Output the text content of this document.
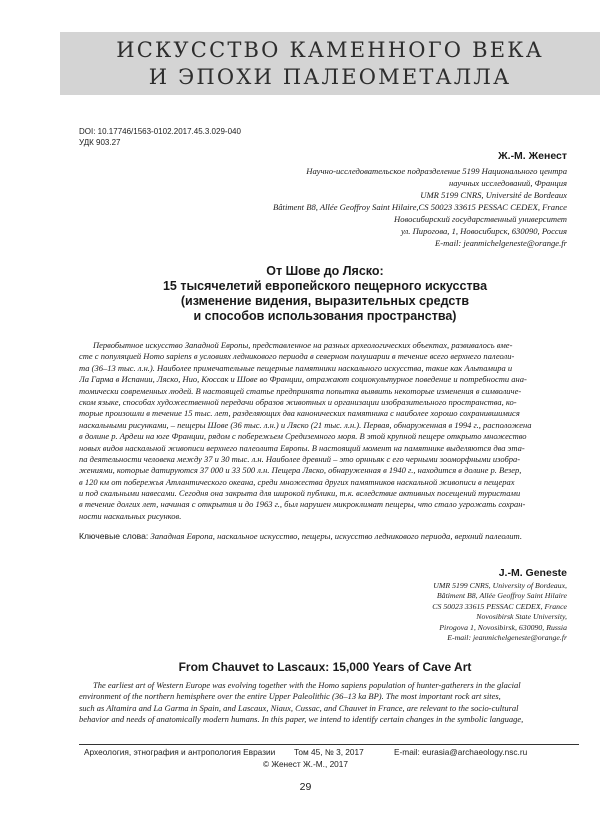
ИСКУССТВО КАМЕННОГО ВЕКА
И ЭПОХИ ПАЛЕОМЕТАЛЛА
DOI: 10.17746/1563-0102.2017.45.3.029-040
УДК 903.27
Ж.-М. Женест
Научно-исследовательское подразделение 5199 Национального центра
научных исследований, Франция
UMR 5199 CNRS, Université de Bordeaux
Bâtiment B8, Allée Geoffroy Saint Hilaire,CS 50023 33615 PESSAC CEDEX, France
Новосибирский государственный университет
ул. Пирогова, 1, Новосибирск, 630090, Россия
E-mail: jeanmichelgeneste@orange.fr
От Шове до Ляско:
15 тысячелетий европейского пещерного искусства
(изменение видения, выразительных средств
и способов использования пространства)
Первобытное искусство Западной Европы, представленное на разных археологических объектах, развивалось вме-
сте с популяцией Homo sapiens в условиях ледникового периода в северном полушарии в течение всего верхнего палеоли-
та (36–13 тыс. л.н.). Наиболее примечательные пещерные памятники наскального искусства, такие как Альтамира и
Ла Гарма в Испании, Ляско, Нио, Кюссак и Шове во Франции, отражают социокультурное поведение и потребности ана-
томически современных людей. В настоящей статье предпринята попытка выявить некоторые изменения в символиче-
ском языке, способах художественной передачи образов животных и организации изобразительного пространства, ко-
торые произошли в течение 15 тыс. лет, разделяющих два канонических памятника с наиболее хорошо сохранившимися
наскальными рисунками, – пещеры Шове (36 тыс. л.н.) и Ляско (21 тыс. л.н.). Первая, обнаруженная в 1994 г., расположена
в долине р. Ардеш на юге Франции, рядом с побережьем Средиземного моря. В этой крупной пещере открыто множество
новых видов наскальной живописи верхнего палеолита Европы. В настоящий момент на памятнике выделяются два эта-
па деятельности человека между 37 и 30 тыс. л.н. Наиболее древний – это орнньяк с его черными зооморфными изобра-
жениями, которые датируются 37 000 и 33 500 л.н. Пещера Ляско, обнаруженная в 1940 г., находится в долине р. Везер,
в 120 км от побережья Атлантического океана, среди множества других памятников наскальной живописи в пещерах
и под скальными навесами. Сегодня она закрыта для широкой публики, т.к. вследствие активных посещений туристами
в течение долгих лет, начиная с открытия и до 1963 г., был нарушен микроклимат пещеры, что стало угрожать сохран-
ности наскальных рисунков.
Ключевые слова: Западная Европа, наскальное искусство, пещеры, искусство ледникового периода, верхний палеолит.
J.-M. Geneste
UMR 5199 CNRS, University of Bordeaux,
Bâtiment B8, Allée Geoffroy Saint Hilaire
CS 50023 33615 PESSAC CEDEX, France
Novosibirsk State University,
Pirogova 1, Novosibirsk, 630090, Russia
E-mail: jeanmichelgeneste@orange.fr
From Chauvet to Lascaux: 15,000 Years of Cave Art
The earliest art of Western Europe was evolving together with the Homo sapiens population of hunter-gatherers in the glacial
environment of the northern hemisphere over the entire Upper Paleolithic (36–13 ka BP). The most important rock art sites,
such as Altamira and La Garma in Spain, and Lascaux, Niaux, Cussac, and Chauvet in France, are relevant to the socio-cultural
behavior and needs of anatomically modern humans. In this paper, we intend to identify certain changes in the symbolic language,
Археология, этнография и антропология Евразии Том 45, № 3, 2017	E-mail: eurasia@archaeology.nsc.ru
© Женест Ж.-М., 2017
29
